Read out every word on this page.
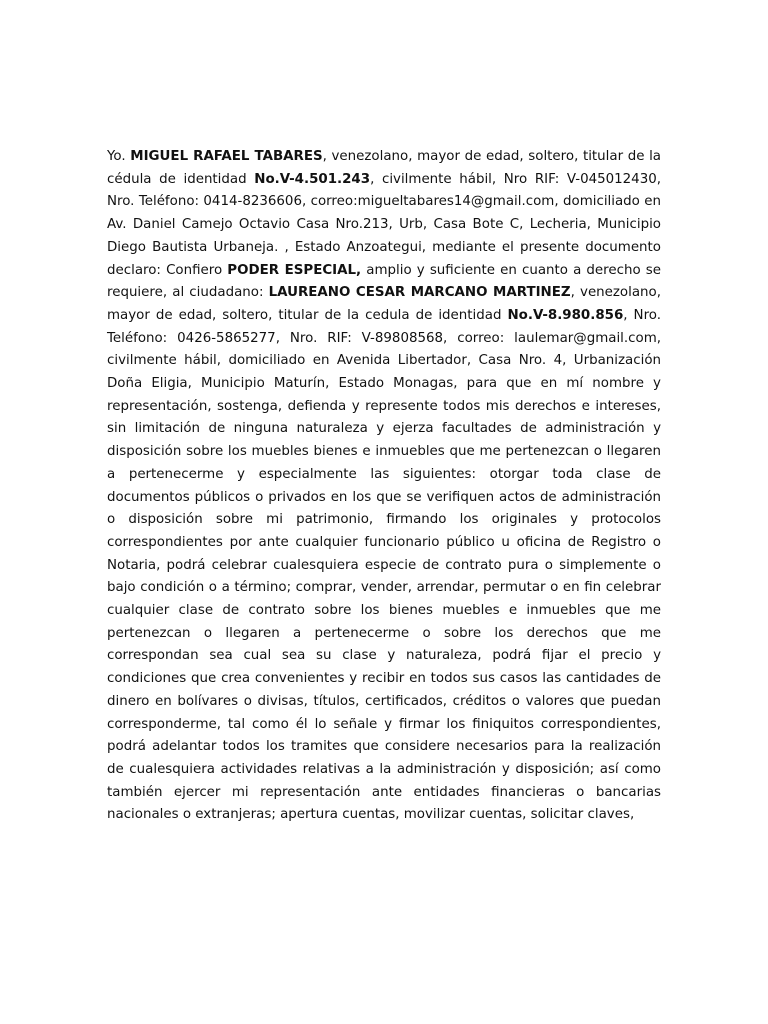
Yo. MIGUEL RAFAEL TABARES, venezolano, mayor de edad, soltero, titular de la cédula de identidad No.V-4.501.243, civilmente hábil, Nro RIF: V-045012430, Nro. Teléfono: 0414-8236606, correo:migueltabares14@gmail.com, domiciliado en Av. Daniel Camejo Octavio Casa Nro.213, Urb, Casa Bote C, Lecheria, Municipio Diego Bautista Urbaneja. , Estado Anzoategui, mediante el presente documento declaro: Confiero PODER ESPECIAL, amplio y suficiente en cuanto a derecho se requiere, al ciudadano: LAUREANO CESAR MARCANO MARTINEZ, venezolano, mayor de edad, soltero, titular de la cedula de identidad No.V-8.980.856, Nro. Teléfono: 0426-5865277, Nro. RIF: V-89808568, correo: laulemar@gmail.com, civilmente hábil, domiciliado en Avenida Libertador, Casa Nro. 4, Urbanización Doña Eligia, Municipio Maturín, Estado Monagas, para que en mí nombre y representación, sostenga, defienda y represente todos mis derechos e intereses, sin limitación de ninguna naturaleza y ejerza facultades de administración y disposición sobre los muebles bienes e inmuebles que me pertenezcan o llegaren a pertenecerme y especialmente las siguientes: otorgar toda clase de documentos públicos o privados en los que se verifiquen actos de administración o disposición sobre mi patrimonio, firmando los originales y protocolos correspondientes por ante cualquier funcionario público u oficina de Registro o Notaria, podrá celebrar cualesquiera especie de contrato pura o simplemente o bajo condición o a término; comprar, vender, arrendar, permutar o en fin celebrar cualquier clase de contrato sobre los bienes muebles e inmuebles que me pertenezcan o llegaren a pertenecerme o sobre los derechos que me correspondan sea cual sea su clase y naturaleza, podrá fijar el precio y condiciones que crea convenientes y recibir en todos sus casos las cantidades de dinero en bolívares o divisas, títulos, certificados, créditos o valores que puedan corresponderme, tal como él lo señale y firmar los finiquitos correspondientes, podrá adelantar todos los tramites que considere necesarios para la realización de cualesquiera actividades relativas a la administración y disposición; así como también ejercer mi representación ante entidades financieras o bancarias nacionales o extranjeras; apertura cuentas, movilizar cuentas, solicitar claves,
